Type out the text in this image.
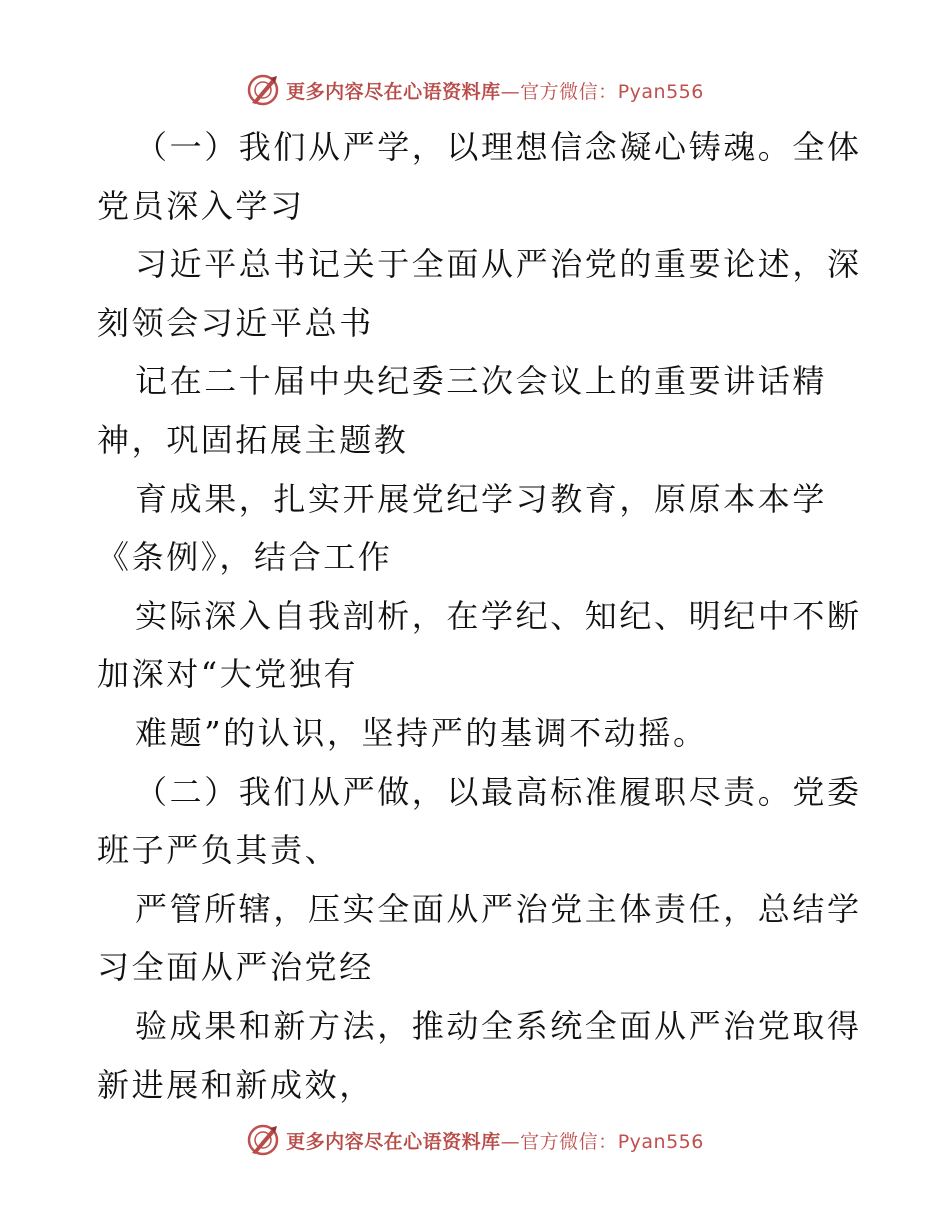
更多内容尽在心语资料库—官方微信：Pyan556
（一）我们从严学，以理想信念凝心铸魂。全体
党员深入学习
习近平总书记关于全面从严治党的重要论述，深
刻领会习近平总书
记在二十届中央纪委三次会议上的重要讲话精
神，巩固拓展主题教
育成果，扎实开展党纪学习教育，原原本本学
《条例》，结合工作
实际深入自我剖析，在学纪、知纪、明纪中不断
加深对“大党独有
难题”的认识，坚持严的基调不动摇。
（二）我们从严做，以最高标准履职尽责。党委
班子严负其责、
严管所辖，压实全面从严治党主体责任，总结学
习全面从严治党经
验成果和新方法，推动全系统全面从严治党取得
新进展和新成效，
更多内容尽在心语资料库—官方微信：Pyan556
